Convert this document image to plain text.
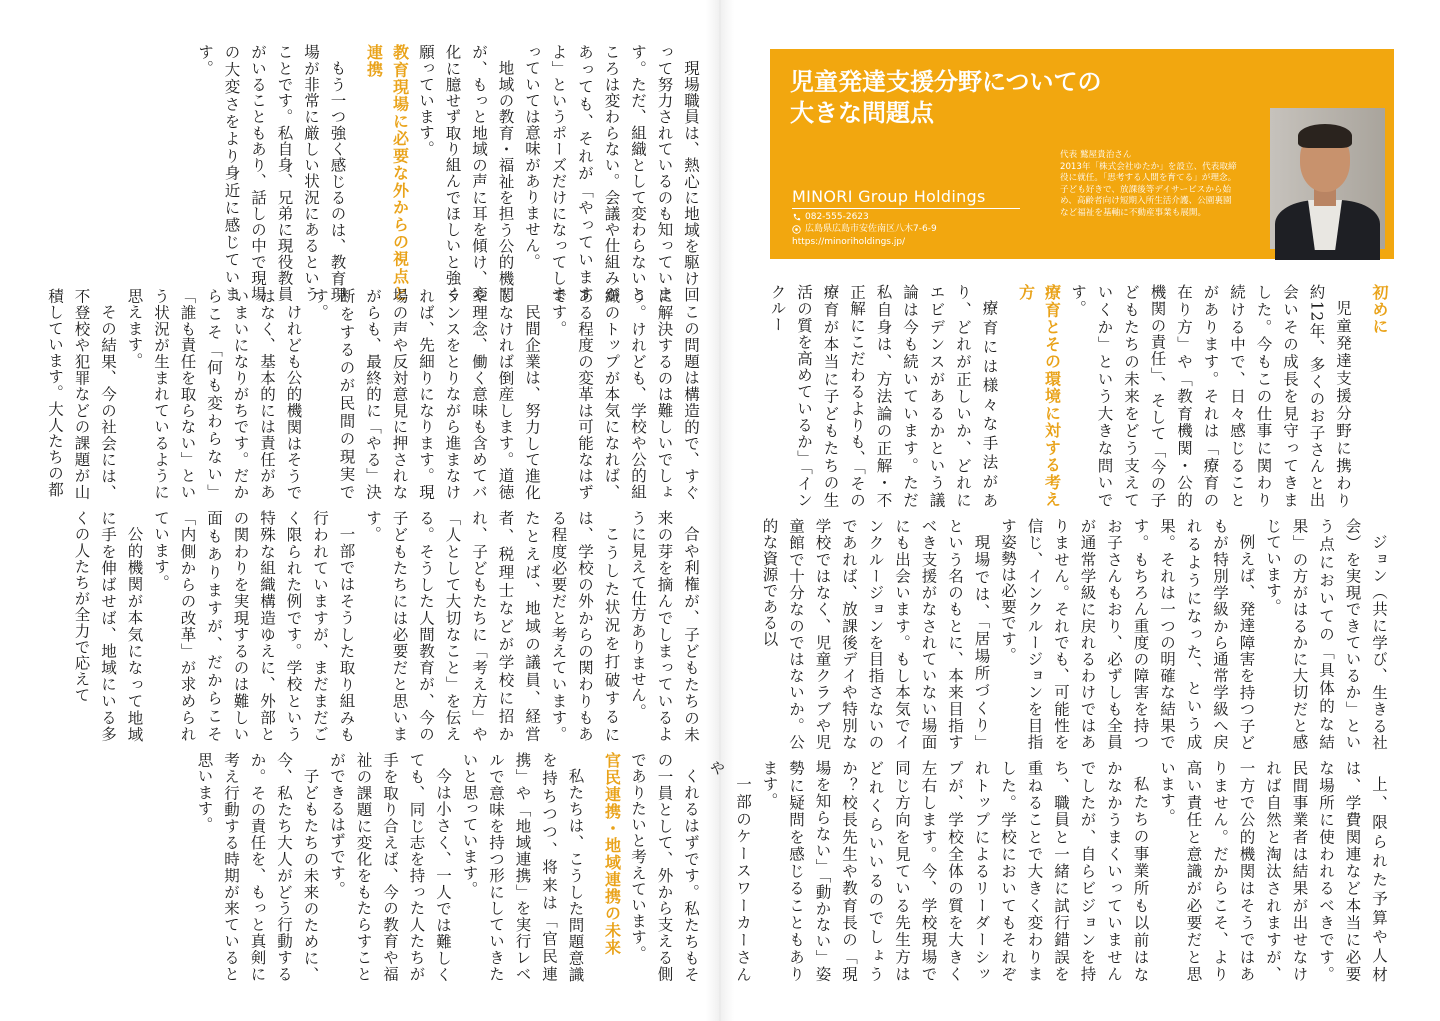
現場職員は、熱心に地域を駆け回って努力されているのも知っています。ただ、組織として変わらないところは変わらない。会議や仕組みがあっても、それが「やっていますよ」というポーズだけになってしまっていては意味がありません。

地域の教育・福祉を担う公的機関が、もっと地域の声に耳を傾け、変化に臆せず取り組んでほしいと強く願っています。

教育現場に必要な外からの視点と連携

もう一つ強く感じるのは、教育現場が非常に厳しい状況にあるということです。私自身、兄弟に現役教員がいることもあり、話しの中で現場の大変さをより身近に感じています。

この問題は構造的で、すぐに解決するのは難しいでしょう。けれども、学校や公的組織のトップが本気になれば、ある程度の変革は可能なはずです。

民間企業は、努力して進化しなければ倒産します。道徳や理念、働く意味も含めてバランスをとりながら進まなければ、先細りになります。現場の声や反対意見に押されながらも、最終的に「やる」決断をするのが民間の現実です。

けれども公的機関はそうではなく、基本的には責任があいまいになりがちです。だからこそ「何も変わらない」「誰も責任を取らない」という状況が生まれているように思えます。

その結果、今の社会には、不登校や犯罪などの課題が山積しています。大人たちの都

合や利権が、子どもたちの未来の芽を摘んでしまっているように見えて仕方ありません。

こうした状況を打破するには、学校の外からの関わりもある程度必要だと考えています。たとえば、地域の議員、経営者、税理士などが学校に招かれ、子どもたちに「考え方」や「人として大切なこと」を伝える。そうした人間教育が、今の子どもたちには必要だと思います。

一部ではそうした取り組みも行われていますが、まだまだごく限られた例です。学校という特殊な組織構造ゆえに、外部との関わりを実現するのは難しい面もありますが、だからこそ「内側からの改革」が求められています。

公的機関が本気になって地域に手を伸ばせば、地域にいる多くの人たちが全力で応えて

くれるはずです。私たちもその一員として、外から支える側でありたいと考えています。

官民連携・地域連携の未来

私たちは、こうした問題意識を持ちつつ、将来は「官民連携」や「地域連携」を実行レベルで意味を持つ形にしていきたいと思っています。

今は小さく、一人では難しくても、同じ志を持った人たちが手を取り合えば、今の教育や福祉の課題に変化をもたらすことができるはずです。

子どもたちの未来のために、今、私たち大人がどう行動するか。その責任を、もっと真剣に考え行動する時期が来ていると思います。

児童発達支援分野についての
大きな問題点
MINORI Group Holdings
082-555-2623
広島県広島市安佐南区八木7-6-9
https://minoriholdings.jp/

代表 鷲屋貴治さん
2013年「株式会社ゆたか」を設立、代表取締役に就任。「思考する人間を育てる」が理念。子ども好きで、放課後等デイサービスから始め、高齢者向け短期入所生活介護、公園裏園など福祉を基軸に不動産事業も展開。

初めに

児童発達支援分野に携わり約12年、多くのお子さんと出会いその成長を見守ってきました。今もこの仕事に関わり続ける中で、日々感じることがあります。それは「療育の在り方」や「教育機関・公的機関の責任」、そして「今の子どもたちの未来をどう支えていくか」という大きな問いです。

療育とその環境に対する考え方

療育には様々な手法があり、どれが正しいか、どれにエビデンスがあるかという議論は今も続いています。ただ私自身は、方法論の正解・不正解にこだわるよりも、「その療育が本当に子どもたちの生活の質を高めているか」「インクルー

ジョン（共に学び、生きる社会）を実現できているか」という点においての「具体的な結果」の方がはるかに大切だと感じています。

例えば、発達障害を持つ子どもが特別学級から通常学級へ戻れるようになった、という成果。それは一つの明確な結果です。もちろん重度の障害を持つお子さんもおり、必ずしも全員が通常学級に戻れるわけではありません。それでも、可能性を信じ、インクルージョンを目指す姿勢は必要です。

現場では、「居場所づくり」という名のもとに、本来目指すべき支援がなされていない場面にも出会います。もし本気でインクルージョンを目指さないのであれば、放課後デイや特別な学校ではなく、児童クラブや児童館で十分なのではないか。公的な資源である以

上、限られた予算や人材は、学費関連など本当に必要な場所に使われるべきです。民間事業者は結果が出せなければ自然と淘汰されますが、一方で公的機関はそうではありません。だからこそ、より高い責任と意識が必要だと思います。

私たちの事業所も以前はなかなかうまくいっていませんでしたが、自らビジョンを持ち、職員と一緒に試行錯誤を重ねることで大きく変わりました。学校においてもそれぞれトップによるリーダーシップが、学校全体の質を大きく左右します。今、学校現場で同じ方向を見ている先生方はどれくらいいるのでしょうか？校長先生や教育長の「現場を知らない」「動かない」姿勢に疑問を感じることもあります。

一部のケースワーカーさんや
